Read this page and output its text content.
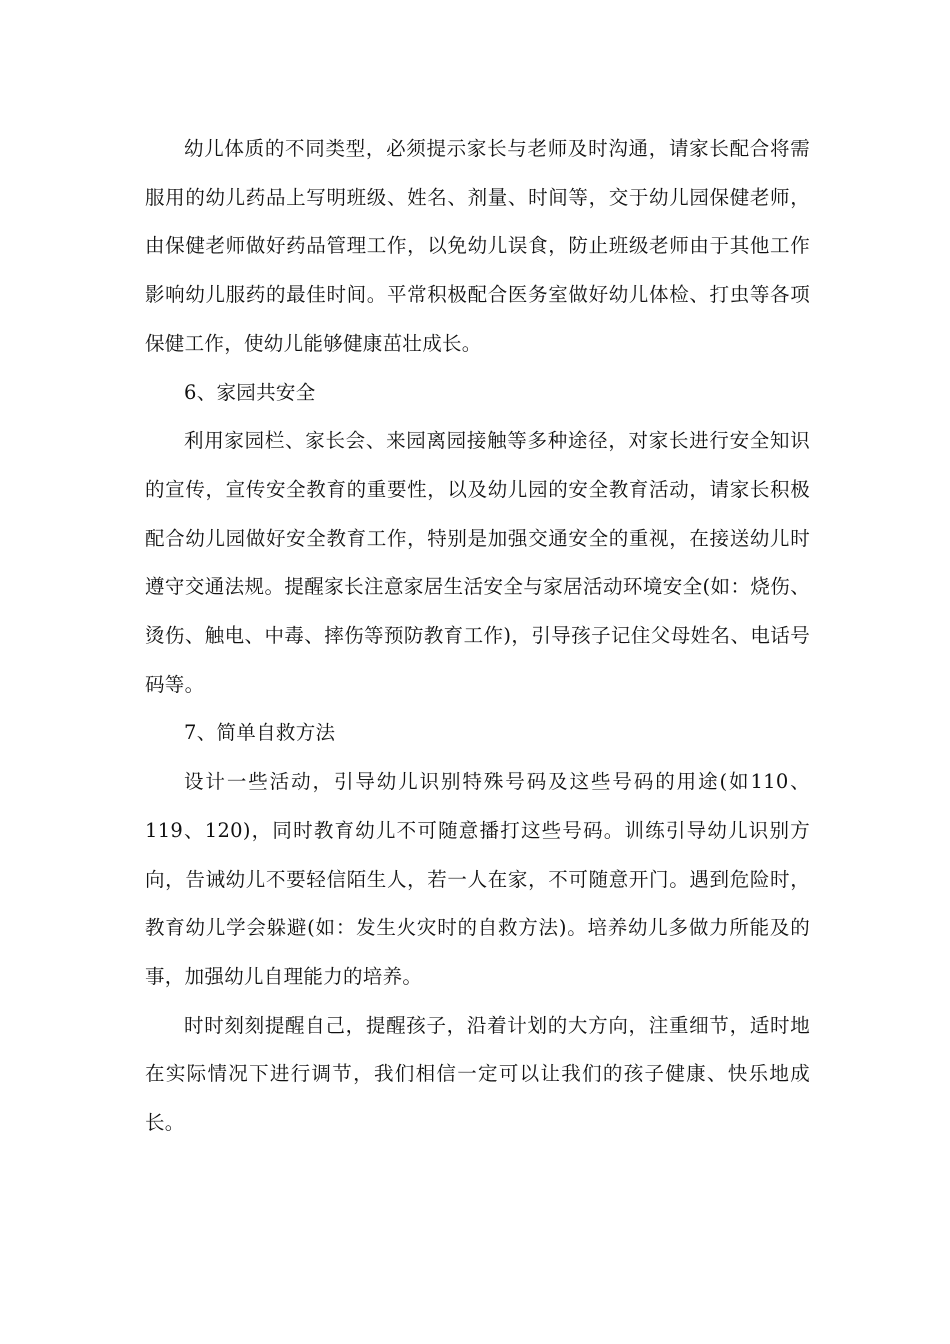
幼儿体质的不同类型，必须提示家长与老师及时沟通，请家长配合将需服用的幼儿药品上写明班级、姓名、剂量、时间等，交于幼儿园保健老师，由保健老师做好药品管理工作，以免幼儿误食，防止班级老师由于其他工作影响幼儿服药的最佳时间。平常积极配合医务室做好幼儿体检、打虫等各项保健工作，使幼儿能够健康茁壮成长。

6、家园共安全

利用家园栏、家长会、来园离园接触等多种途径，对家长进行安全知识的宣传，宣传安全教育的重要性，以及幼儿园的安全教育活动，请家长积极配合幼儿园做好安全教育工作，特别是加强交通安全的重视，在接送幼儿时遵守交通法规。提醒家长注意家居生活安全与家居活动环境安全(如：烧伤、烫伤、触电、中毒、摔伤等预防教育工作)，引导孩子记住父母姓名、电话号码等。

7、简单自救方法

设计一些活动，引导幼儿识别特殊号码及这些号码的用途(如110、119、120)，同时教育幼儿不可随意播打这些号码。训练引导幼儿识别方向，告诫幼儿不要轻信陌生人，若一人在家，不可随意开门。遇到危险时，教育幼儿学会躲避(如：发生火灾时的自救方法)。培养幼儿多做力所能及的事，加强幼儿自理能力的培养。

时时刻刻提醒自己，提醒孩子，沿着计划的大方向，注重细节，适时地在实际情况下进行调节，我们相信一定可以让我们的孩子健康、快乐地成长。
